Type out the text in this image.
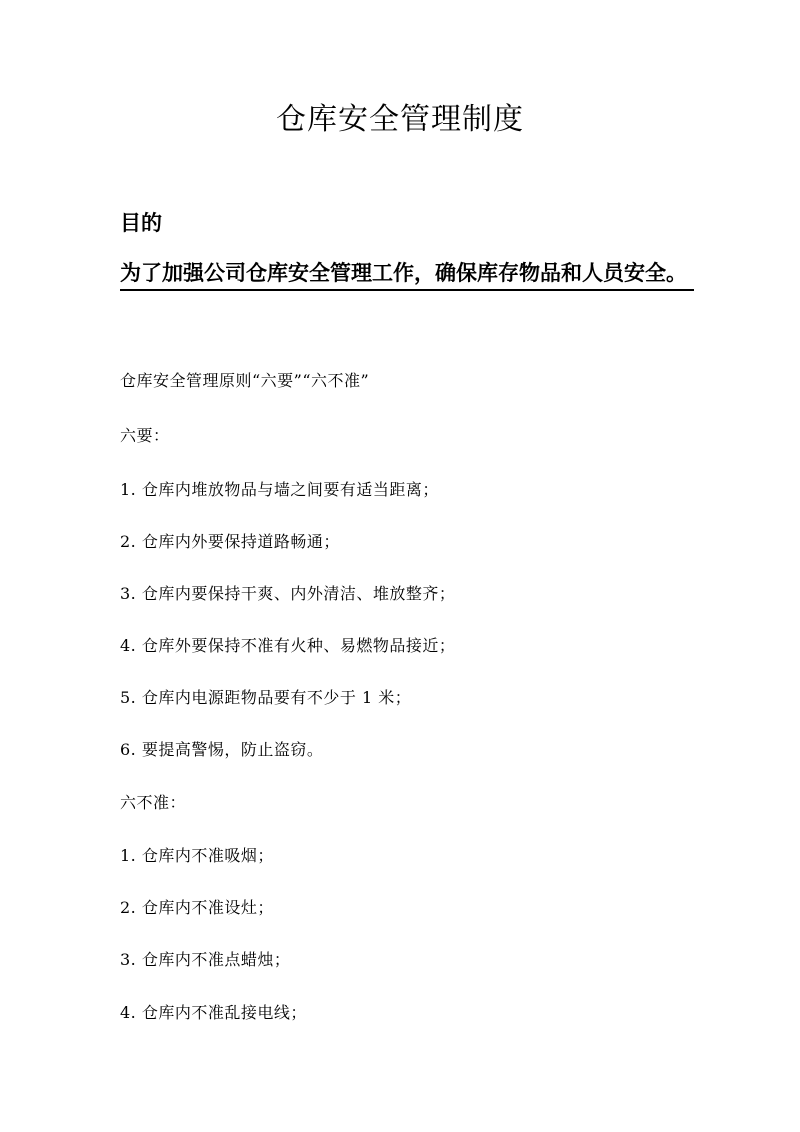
仓库安全管理制度
目的
为了加强公司仓库安全管理工作，确保库存物品和人员安全。

仓库安全管理原则“六要”“六不准”

六要：

1. 仓库内堆放物品与墙之间要有适当距离；

2. 仓库内外要保持道路畅通；

3. 仓库内要保持干爽、内外清洁、堆放整齐；

4. 仓库外要保持不准有火种、易燃物品接近；

5. 仓库内电源距物品要有不少于 1 米；

6. 要提高警惕，防止盗窃。

六不准：

1. 仓库内不准吸烟；

2. 仓库内不准设灶；

3. 仓库内不准点蜡烛；

4. 仓库内不准乱接电线；
